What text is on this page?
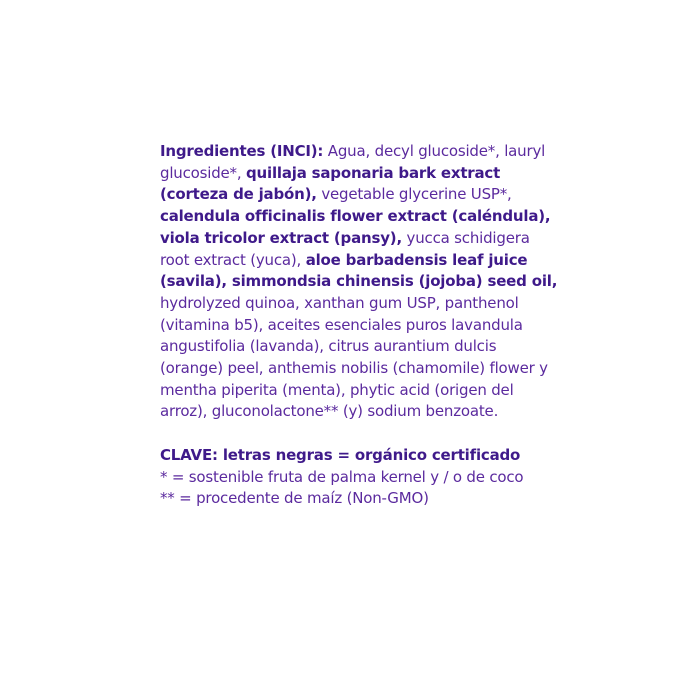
Ingredientes (INCI): Agua, decyl glucoside*, lauryl glucoside*, quillaja saponaria bark extract (corteza de jabón), vegetable glycerine USP*, calendula officinalis flower extract (caléndula), viola tricolor extract (pansy), yucca schidigera root extract (yuca), aloe barbadensis leaf juice (savila), simmondsia chinensis (jojoba) seed oil, hydrolyzed quinoa, xanthan gum USP, panthenol (vitamina b5), aceites esenciales puros lavandula angustifolia (lavanda), citrus aurantium dulcis (orange) peel, anthemis nobilis (chamomile) flower y mentha piperita (menta), phytic acid (origen del arroz), gluconolactone** (y) sodium benzoate.

CLAVE: letras negras = orgánico certificado
* = sostenible fruta de palma kernel y / o de coco
** = procedente de maíz (Non-GMO)
